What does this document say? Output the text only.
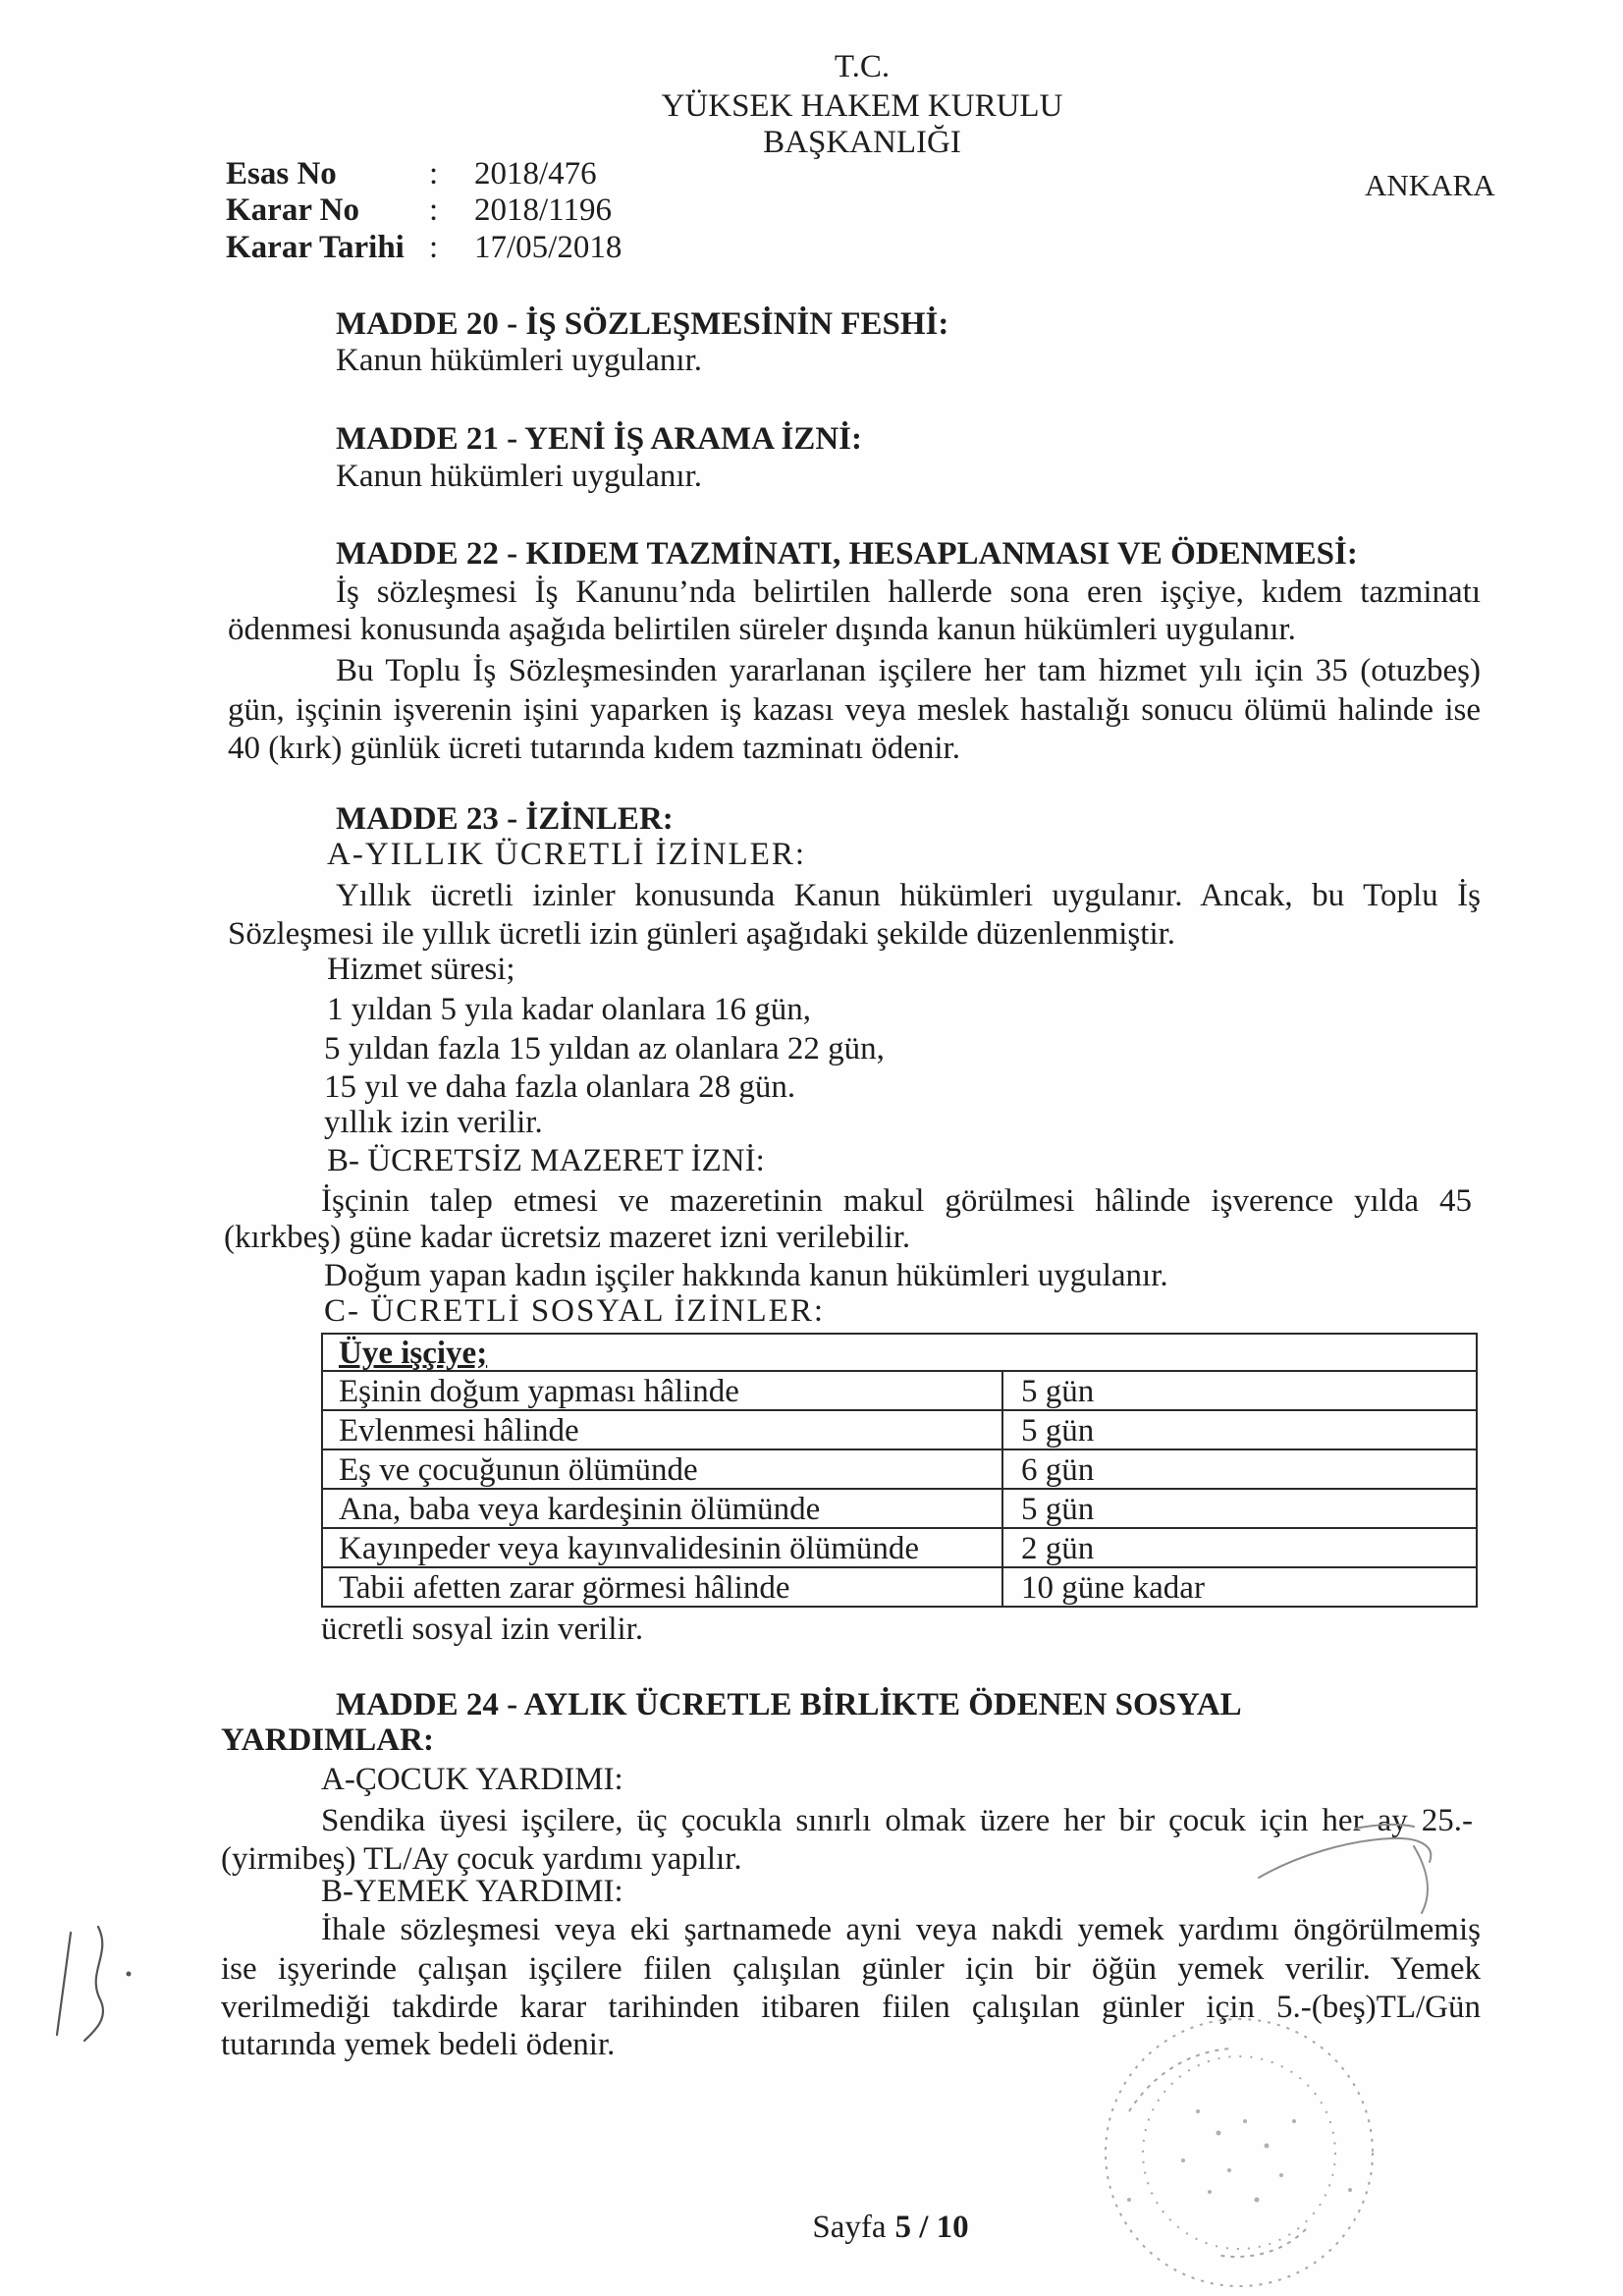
T.C.
YÜKSEK HAKEM KURULU
BAŞKANLIĞI
ANKARA
Esas No	: 2018/476
Karar No : 2018/1196
Karar Tarihi : 17/05/2018
MADDE 20 - İŞ SÖZLEŞMESİNİN FESHİ:
Kanun hükümleri uygulanır.
MADDE 21 - YENİ İŞ ARAMA İZNİ:
Kanun hükümleri uygulanır.
MADDE 22 - KIDEM TAZMİNATI, HESAPLANMASI VE ÖDENMESİ:
İş sözleşmesi İş Kanunu’nda belirtilen hallerde sona eren işçiye, kıdem tazminatı
ödenmesi konusunda aşağıda belirtilen süreler dışında kanun hükümleri uygulanır.
Bu Toplu İş Sözleşmesinden yararlanan işçilere her tam hizmet yılı için 35 (otuzbeş)
gün, işçinin işverenin işini yaparken iş kazası veya meslek hastalığı sonucu ölümü halinde ise
40 (kırk) günlük ücreti tutarında kıdem tazminatı ödenir.
MADDE 23 - İZİNLER:
A-YILLIK ÜCRETLİ İZİNLER:
Yıllık ücretli izinler konusunda Kanun hükümleri uygulanır. Ancak, bu Toplu İş
Sözleşmesi ile yıllık ücretli izin günleri aşağıdaki şekilde düzenlenmiştir.
Hizmet süresi;
1 yıldan 5 yıla kadar olanlara 16 gün,
5 yıldan fazla 15 yıldan az olanlara 22 gün,
15 yıl ve daha fazla olanlara 28 gün.
yıllık izin verilir.
B- ÜCRETSİZ MAZERET İZNİ:
İşçinin talep etmesi ve mazeretinin makul görülmesi hâlinde işverence yılda 45
(kırkbeş) güne kadar ücretsiz mazeret izni verilebilir.
Doğum yapan kadın işçiler hakkında kanun hükümleri uygulanır.
C- ÜCRETLİ SOSYAL İZİNLER:
Üye işçiye;	
Eşinin doğum yapması hâlinde	5 gün
Evlenmesi hâlinde	5 gün
Eş ve çocuğunun ölümünde	6 gün
Ana, baba veya kardeşinin ölümünde	5 gün
Kayınpeder veya kayınvalidesinin ölümünde	2 gün
Tabii afetten zarar görmesi hâlinde	10 güne kadar
ücretli sosyal izin verilir.
MADDE 24 - AYLIK ÜCRETLE BİRLİKTE ÖDENEN SOSYAL YARDIMLAR:
A-ÇOCUK YARDIMI:
Sendika üyesi işçilere, üç çocukla sınırlı olmak üzere her bir çocuk için her ay 25.-
(yirmibeş) TL/Ay çocuk yardımı yapılır.
B-YEMEK YARDIMI:
İhale sözleşmesi veya eki şartnamede ayni veya nakdi yemek yardımı öngörülmemiş
ise işyerinde çalışan işçilere fiilen çalışılan günler için bir öğün yemek verilir. Yemek
verilmediği takdirde karar tarihinden itibaren fiilen çalışılan günler için 5.-(beş)TL/Gün
tutarında yemek bedeli ödenir.
Sayfa 5 / 10
